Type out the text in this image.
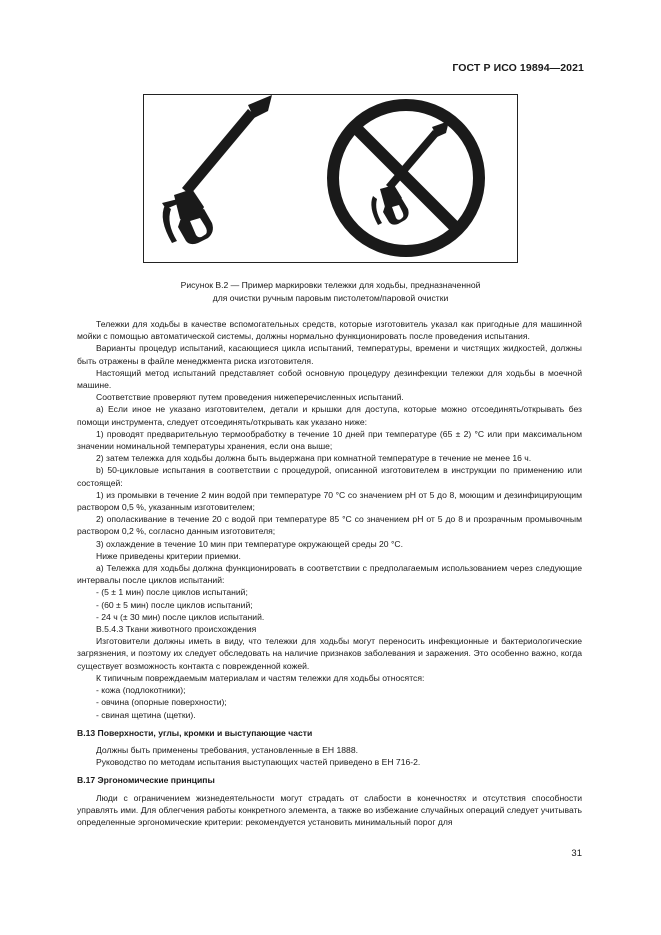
ГОСТ Р ИСО 19894—2021
Рисунок В.2 — Пример маркировки тележки для ходьбы, предназначенной
для очистки ручным паровым пистолетом/паровой очистки

Тележки для ходьбы в качестве вспомогательных средств, которые изготовитель указал как пригодные для машинной мойки с помощью автоматической системы, должны нормально функционировать после проведения испытания.

Варианты процедур испытаний, касающиеся цикла испытаний, температуры, времени и чистящих жидкостей, должны быть отражены в файле менеджмента риска изготовителя.

Настоящий метод испытаний представляет собой основную процедуру дезинфекции тележки для ходьбы в моечной машине.

Соответствие проверяют путем проведения нижеперечисленных испытаний.

а) Если иное не указано изготовителем, детали и крышки для доступа, которые можно отсоединять/открывать без помощи инструмента, следует отсоединять/открывать как указано ниже:

1) проводят предварительную термообработку в течение 10 дней при температуре (65 ± 2) °С или при максимальном значении номинальной температуры хранения, если она выше;

2) затем тележка для ходьбы должна быть выдержана при комнатной температуре в течение не менее 16 ч.

b) 50-цикловые испытания в соответствии с процедурой, описанной изготовителем в инструкции по применению или состоящей:

1) из промывки в течение 2 мин водой при температуре 70 °С со значением рН от 5 до 8, моющим и дезинфицирующим раствором 0,5 %, указанным изготовителем;

2) ополаскивание в течение 20 с водой при температуре 85 °С со значением рН от 5 до 8 и прозрачным промывочным раствором 0,2 %, согласно данным изготовителя;

3) охлаждение в течение 10 мин при температуре окружающей среды 20 °С.

Ниже приведены критерии приемки.

а) Тележка для ходьбы должна функционировать в соответствии с предполагаемым использованием через следующие интервалы после циклов испытаний:

- (5 ± 1 мин) после циклов испытаний;

- (60 ± 5 мин) после циклов испытаний;

- 24 ч (± 30 мин) после циклов испытаний.

В.5.4.3 Ткани животного происхождения

Изготовители должны иметь в виду, что тележки для ходьбы могут переносить инфекционные и бактериологические загрязнения, и поэтому их следует обследовать на наличие признаков заболевания и заражения. Это особенно важно, когда существует возможность контакта с поврежденной кожей.

К типичным повреждаемым материалам и частям тележки для ходьбы относятся:

- кожа (подлокотники);

- овчина (опорные поверхности);

- свиная щетина (щетки).

В.13 Поверхности, углы, кромки и выступающие части

Должны быть применены требования, установленные в ЕН 1888.

Руководство по методам испытания выступающих частей приведено в ЕН 716-2.

В.17 Эргономические принципы

Люди с ограничением жизнедеятельности могут страдать от слабости в конечностях и отсутствия способности управлять ими. Для облегчения работы конкретного элемента, а также во избежание случайных операций следует учитывать определенные эргономические критерии: рекомендуется установить минимальный порог для

31
